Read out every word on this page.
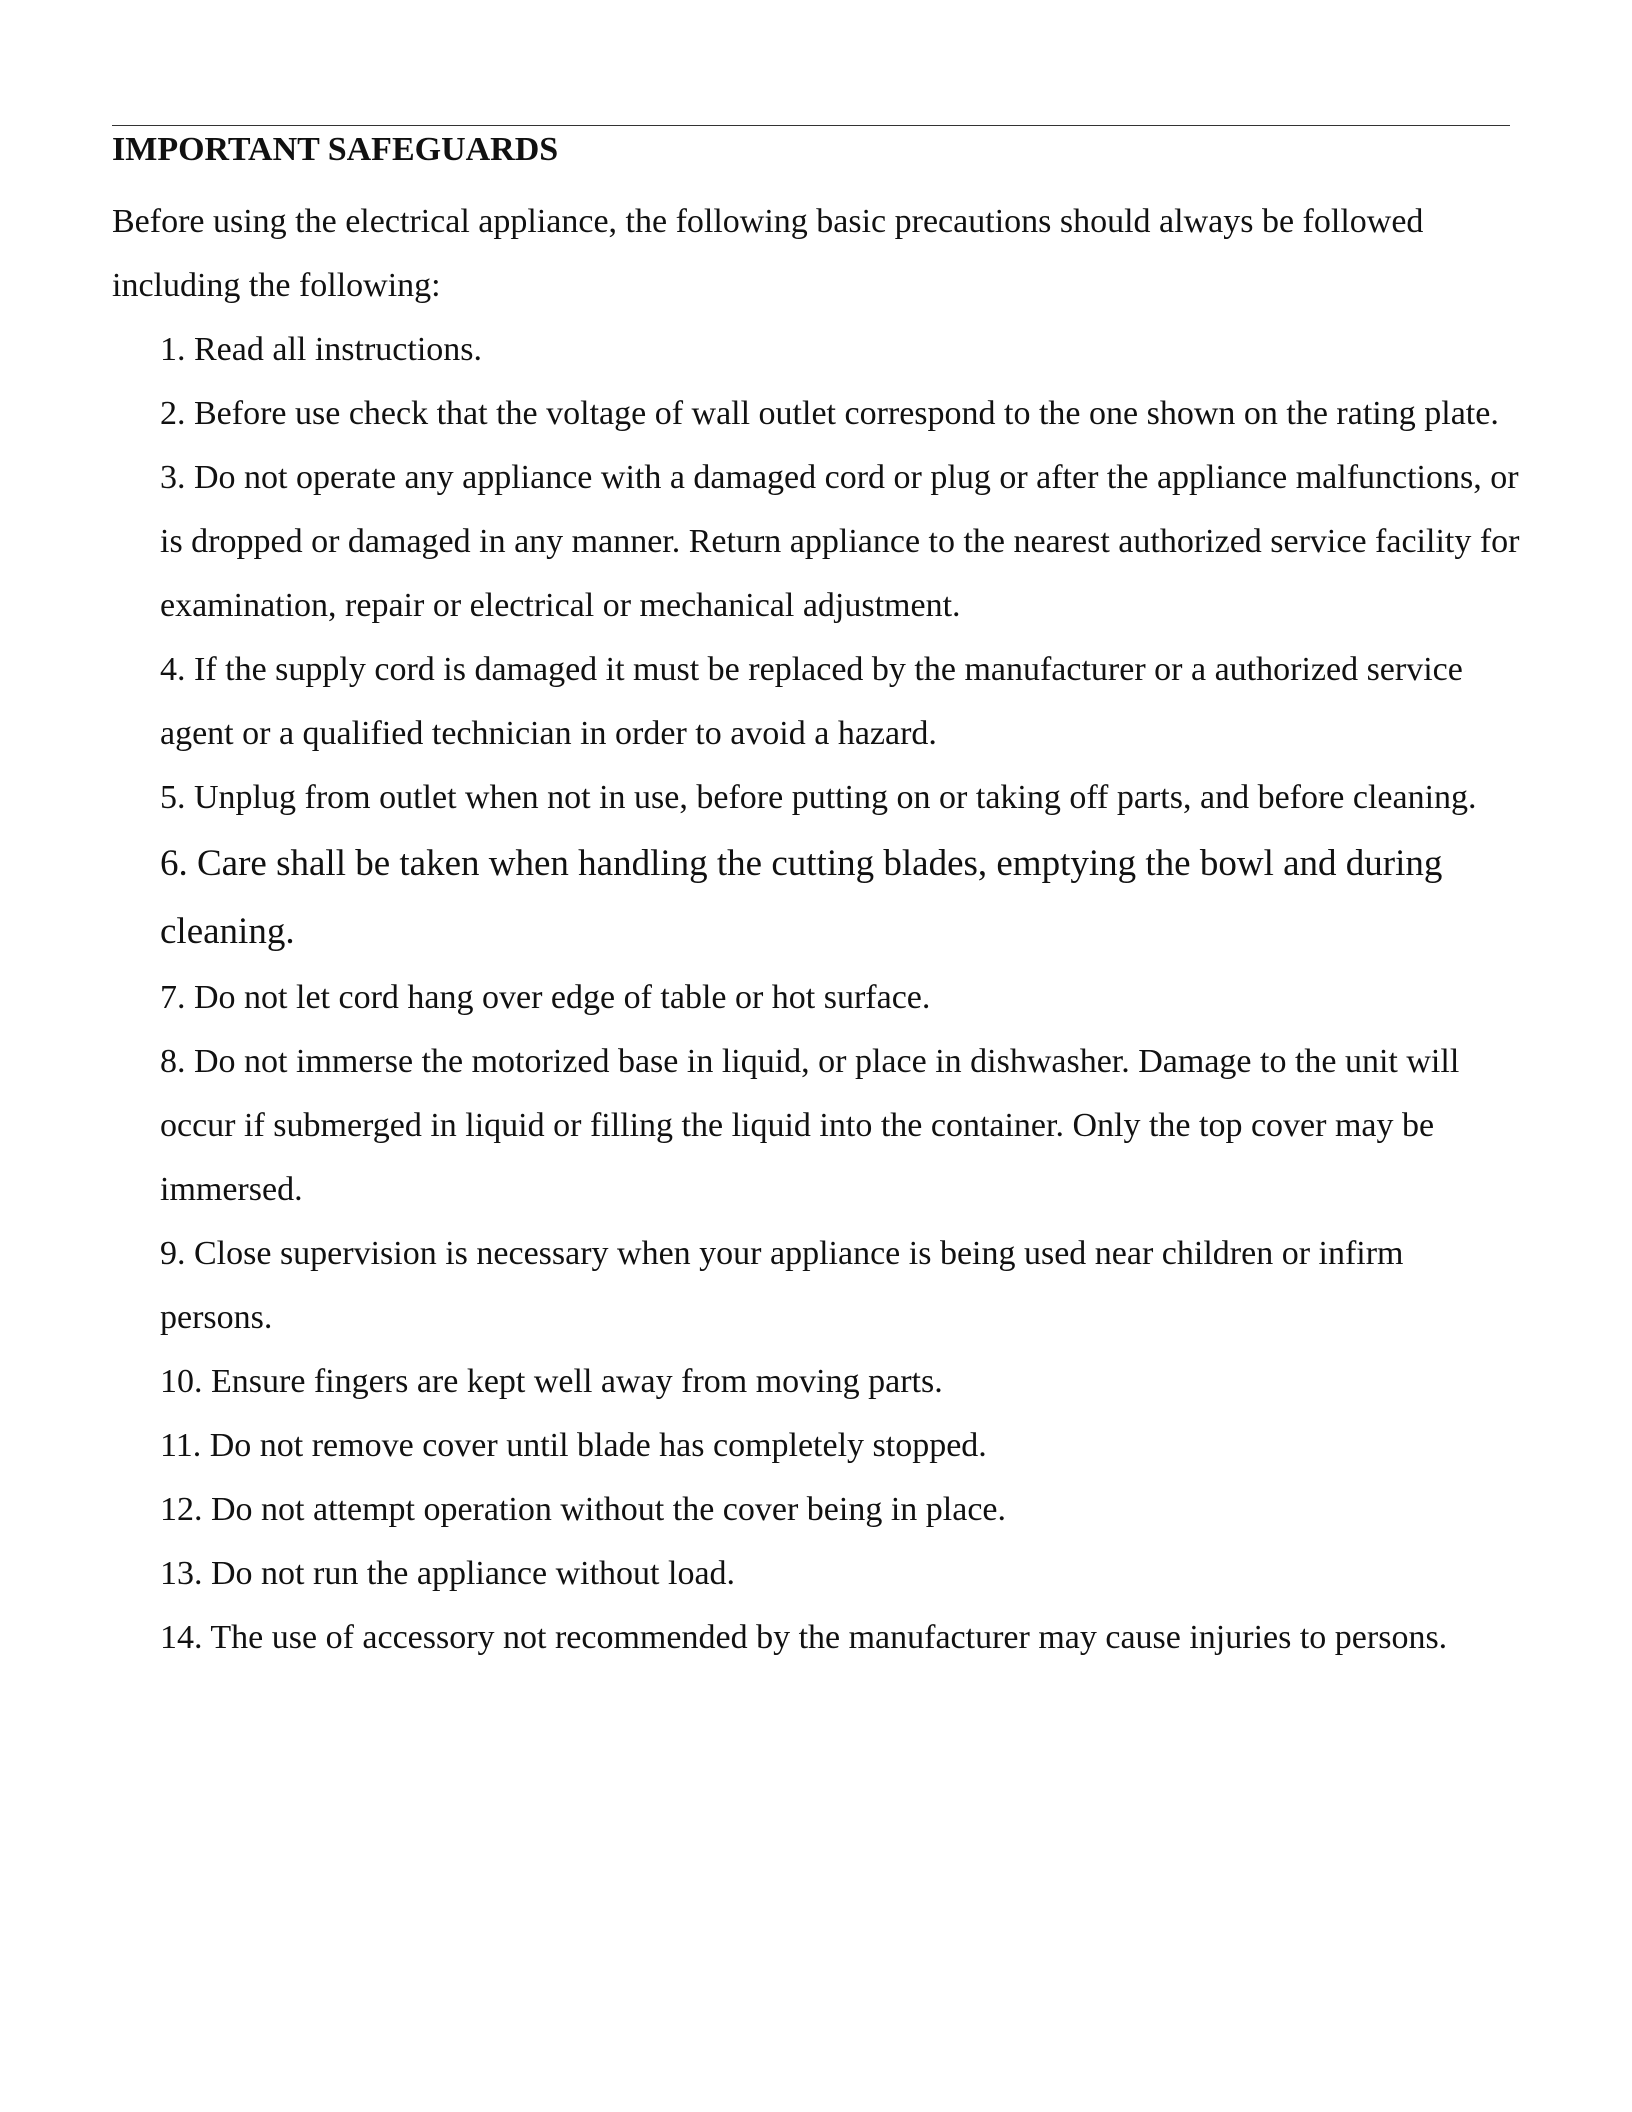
IMPORTANT SAFEGUARDS

Before using the electrical appliance, the following basic precautions should always be followed including the following:

1. Read all instructions.
2. Before use check that the voltage of wall outlet correspond to the one shown on the rating plate.
3. Do not operate any appliance with a damaged cord or plug or after the appliance malfunctions, or is dropped or damaged in any manner. Return appliance to the nearest authorized service facility for examination, repair or electrical or mechanical adjustment.
4. If the supply cord is damaged it must be replaced by the manufacturer or a authorized service agent or a qualified technician in order to avoid a hazard.
5. Unplug from outlet when not in use, before putting on or taking off parts, and before cleaning.
6. Care shall be taken when handling the cutting blades, emptying the bowl and during cleaning.
7. Do not let cord hang over edge of table or hot surface.
8. Do not immerse the motorized base in liquid, or place in dishwasher. Damage to the unit will occur if submerged in liquid or filling the liquid into the container. Only the top cover may be immersed.
9. Close supervision is necessary when your appliance is being used near children or infirm persons.
10. Ensure fingers are kept well away from moving parts.
11. Do not remove cover until blade has completely stopped.
12. Do not attempt operation without the cover being in place.
13. Do not run the appliance without load.
14. The use of accessory not recommended by the manufacturer may cause injuries to persons.
